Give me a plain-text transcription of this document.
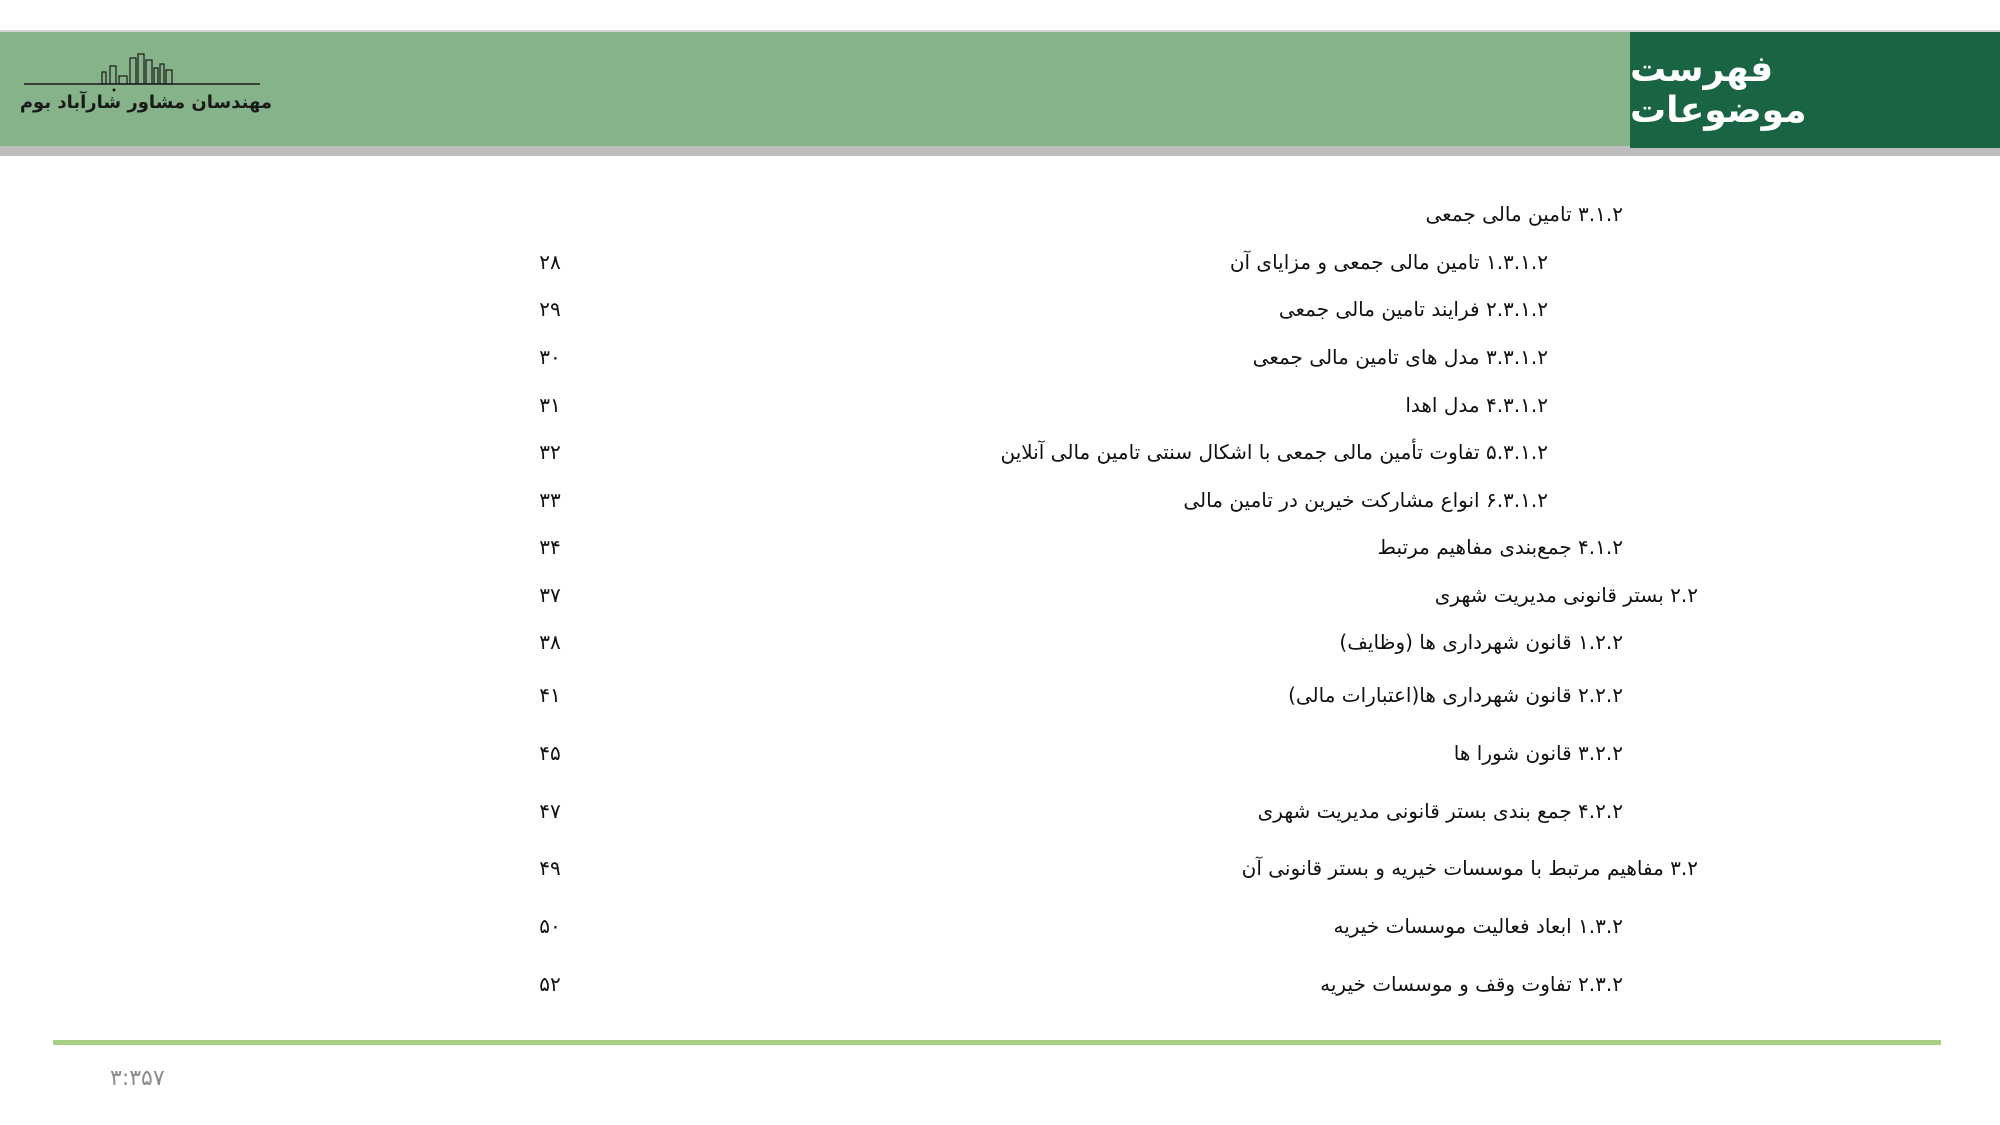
فهرست موضوعات
مهندسان مشاور شارآباد بوم
۳.۱.۲ تامین مالی جمعی
۱.۳.۱.۲ تامین مالی جمعی و مزایای آن
۲۸
۲.۳.۱.۲ فرایند تامین مالی جمعی
۲۹
۳.۳.۱.۲ مدل های تامین مالی جمعی
۳۰
۴.۳.۱.۲ مدل اهدا
۳۱
۵.۳.۱.۲ تفاوت تأمین مالی جمعی با اشکال سنتی تامین مالی آنلاین
۳۲
۶.۳.۱.۲ انواع مشارکت خیرین در تامین مالی
۳۳
۴.۱.۲ جمع‌بندی مفاهیم مرتبط
۳۴
۲.۲ بستر قانونی مدیریت شهری
۳۷
۱.۲.۲ قانون شهرداری ها (وظایف)
۳۸
۲.۲.۲ قانون شهرداری ها(اعتبارات مالی)
۴۱
۳.۲.۲ قانون شورا ها
۴۵
۴.۲.۲ جمع بندی بستر قانونی مدیریت شهری
۴۷
۳.۲ مفاهیم مرتبط با موسسات خیریه و بستر قانونی آن
۴۹
۱.۳.۲ ابعاد فعالیت موسسات خیریه
۵۰
۲.۳.۲ تفاوت وقف و موسسات خیریه
۵۲
۳:۳۵۷
